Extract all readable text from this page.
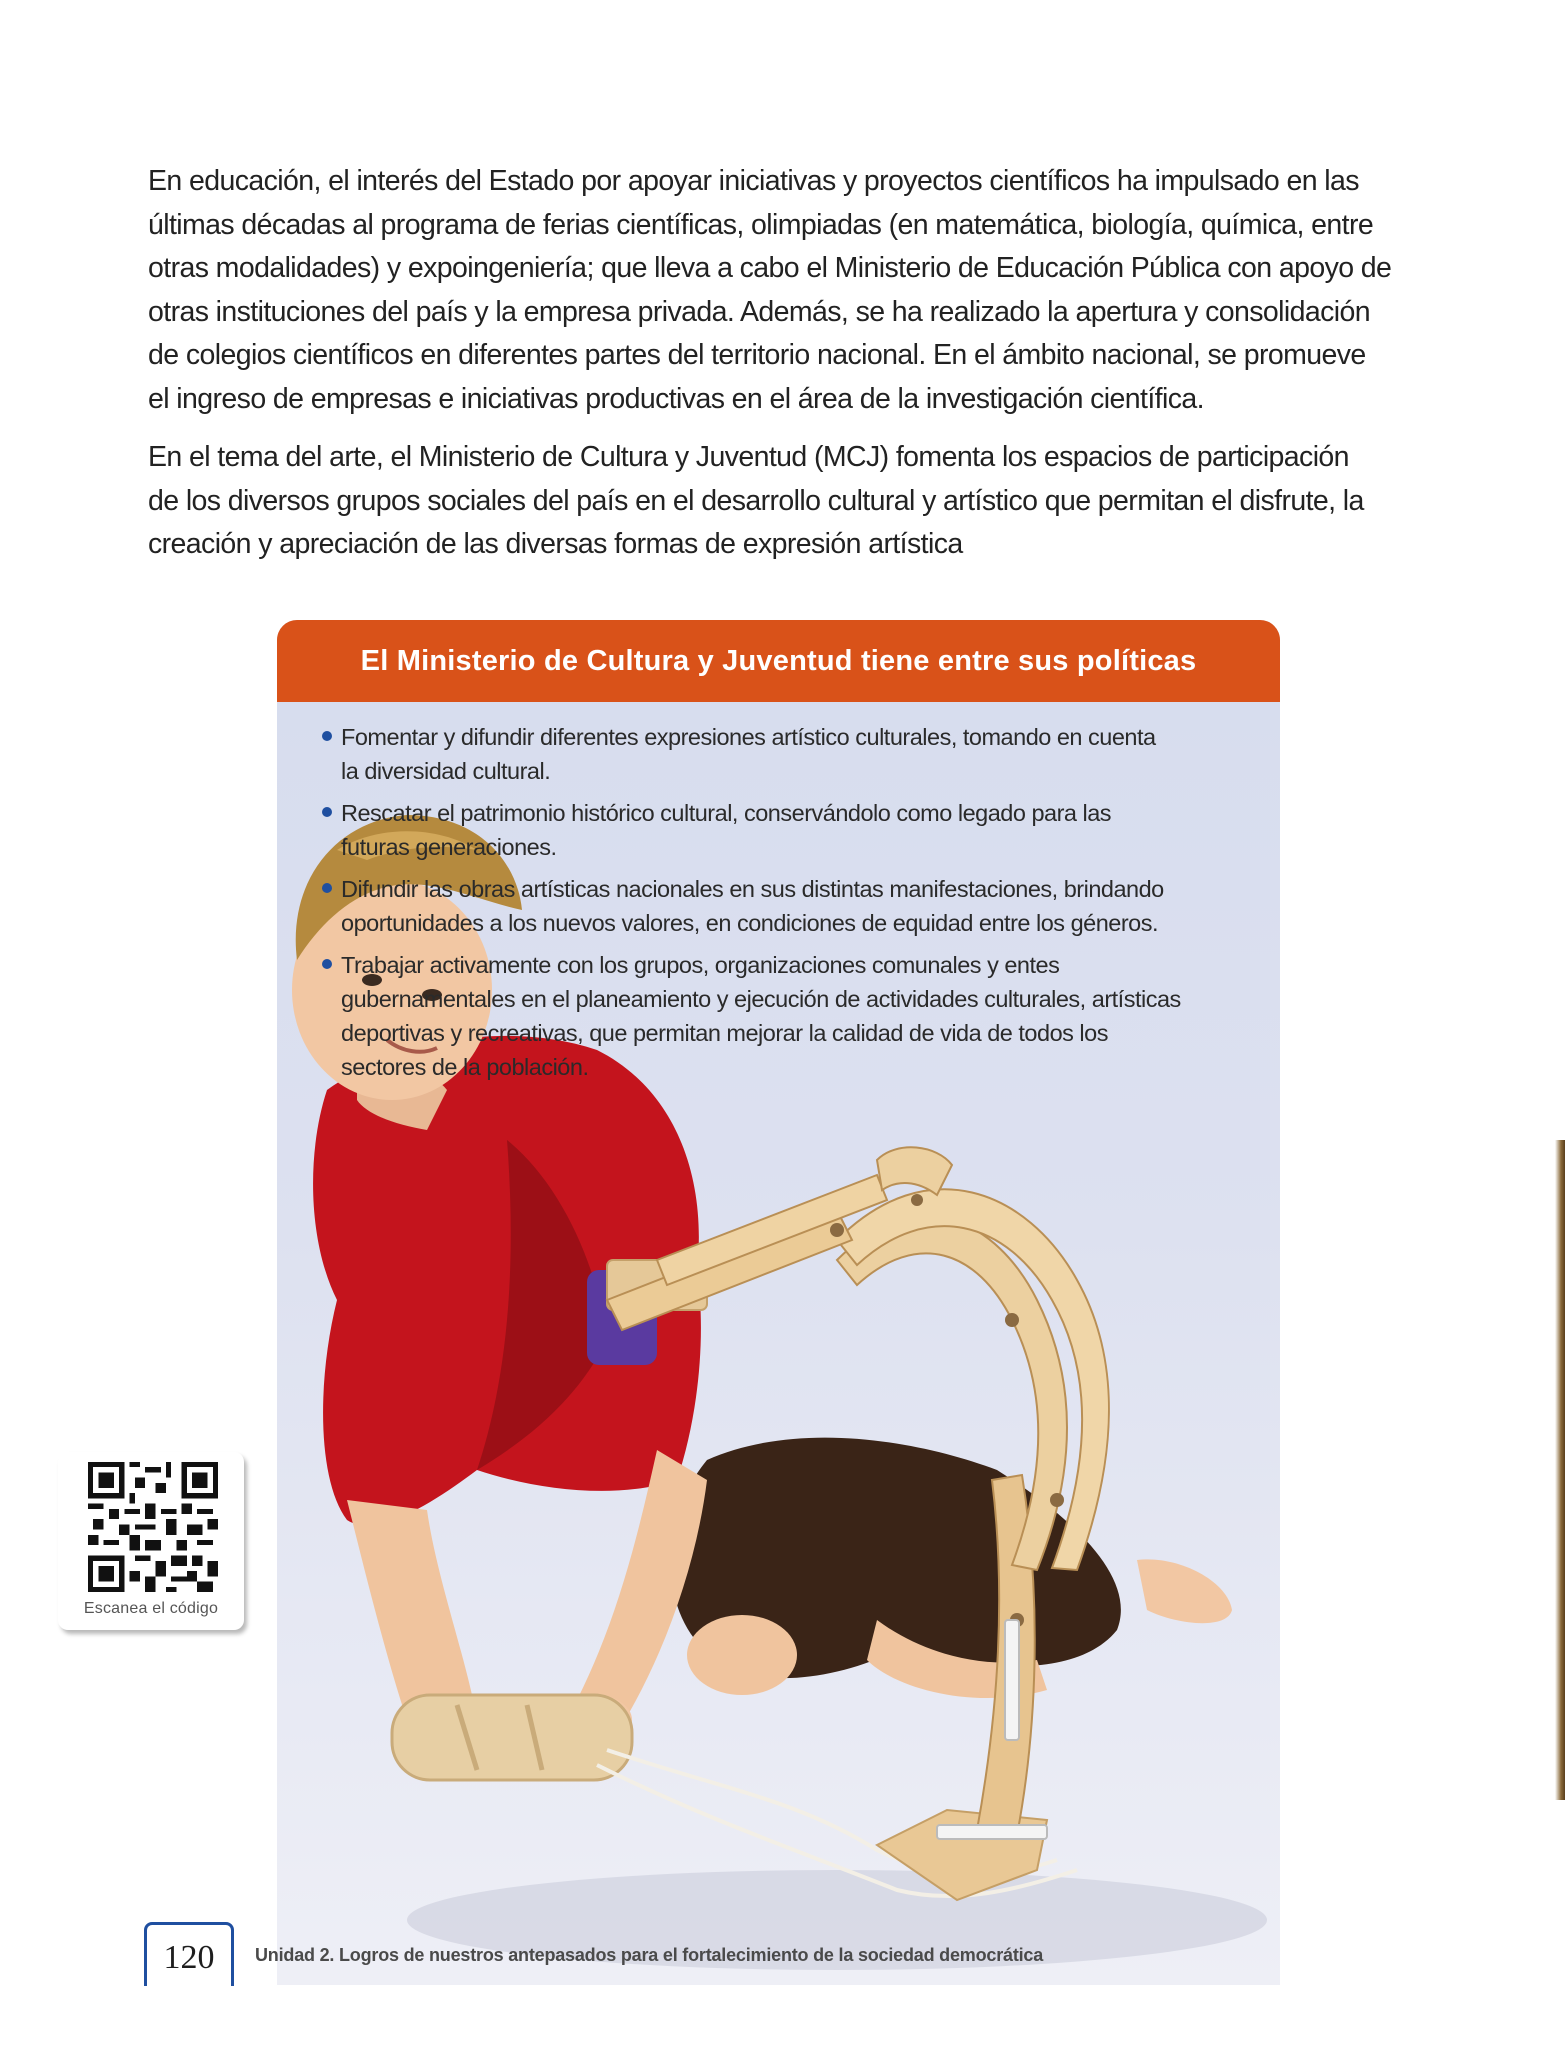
En educación, el interés del Estado por apoyar iniciativas y proyectos científicos ha impulsado en las
últimas décadas al programa de ferias científicas, olimpiadas (en matemática, biología, química, entre
otras modalidades) y expoingeniería; que lleva a cabo el Ministerio de Educación Pública con apoyo de
otras instituciones del país y la empresa privada. Además, se ha realizado la apertura y consolidación
de colegios científicos en diferentes partes del territorio nacional. En el ámbito nacional, se promueve
el ingreso de empresas e iniciativas productivas en el área de la investigación científica.

En el tema del arte, el Ministerio de Cultura y Juventud (MCJ) fomenta los espacios de participación
de los diversos grupos sociales del país en el desarrollo cultural y artístico que permitan el disfrute, la
creación y apreciación de las diversas formas de expresión artística

El Ministerio de Cultura y Juventud tiene entre sus políticas
Fomentar y difundir diferentes expresiones artístico culturales, tomando en cuenta
la diversidad cultural.
Rescatar el patrimonio histórico cultural, conservándolo como legado para las
futuras generaciones.
Difundir las obras artísticas nacionales en sus distintas manifestaciones, brindando
oportunidades a los nuevos valores, en condiciones de equidad entre los géneros.
Trabajar activamente con los grupos, organizaciones comunales y entes
gubernamentales en el planeamiento y ejecución de actividades culturales, artísticas
deportivas y recreativas, que permitan mejorar la calidad de vida de todos los
sectores de la población.
Escanea el código
120	Unidad 2. Logros de nuestros antepasados para el fortalecimiento de la sociedad democrática
